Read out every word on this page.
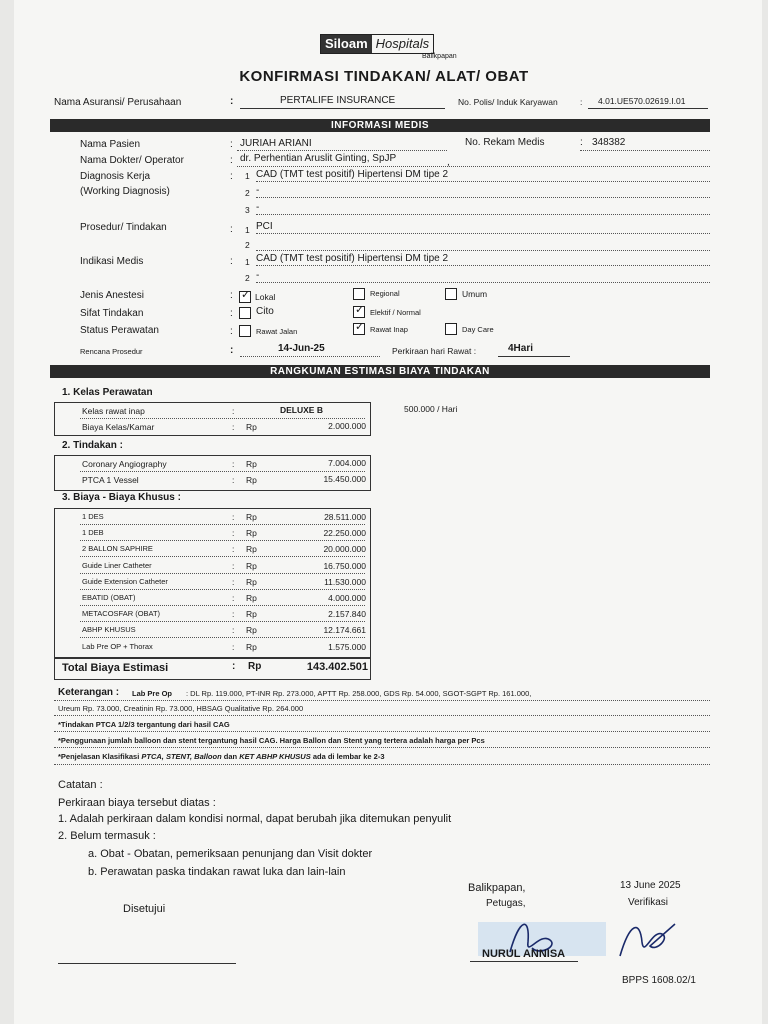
Siloam Hospitals
Balikpapan
KONFIRMASI TINDAKAN/ ALAT/ OBAT
Nama Asuransi/ Perusahaan	:	PERTALIFE INSURANCE	No. Polis/ Induk Karyawan	: 4.01.UE570.02619.I.01
INFORMASI MEDIS
Nama Pasien	: JURIAH ARIANI	No. Rekam Medis	: 348382
Nama Dokter/ Operator	: dr. Perhentian Aruslit Ginting, SpJP	,
Diagnosis Kerja
(Working Diagnosis)
: 1 CAD (TMT test positif) Hipertensi DM tipe 2
2 -
3 -
Prosedur/ Tindakan	: 1 PCI
2
Indikasi Medis	: 1 CAD (TMT test positif) Hipertensi DM tipe 2
2 -
Jenis Anestesi	: ✓ Lokal	Regional	Umum
Sifat Tindakan	: Cito	✓ Elektif / Normal
Status Perawatan	:	Rawat Jalan	✓ Rawat Inap	Day Care
Rencana Prosedur	:	14-Jun-25	Perkiraan hari Rawat :	4Hari
RANGKUMAN ESTIMASI BIAYA TINDAKAN
1. Kelas Perawatan
Kelas rawat inap	:	DELUXE B
Biaya Kelas/Kamar	: Rp	2.000.000
500.000 / Hari
2. Tindakan :
Coronary Angiography	: Rp	7.004.000
PTCA 1 Vessel	: Rp	15.450.000
3. Biaya - Biaya Khusus :
1 DES	: Rp	28.511.000
1 DEB	: Rp	22.250.000
2 BALLON SAPHIRE	: Rp	20.000.000
Guide Liner Catheter	: Rp	16.750.000
Guide Extension Catheter	: Rp	11.530.000
EBATID (OBAT)	: Rp	4.000.000
METACOSFAR (OBAT)	: Rp	2.157.840
ABHP KHUSUS	: Rp	12.174.661
Lab Pre OP + Thorax	: Rp	1.575.000
Total Biaya Estimasi	: Rp	143.402.501
Keterangan : Lab Pre Op : DL Rp. 119.000, PT-INR Rp. 273.000, APTT Rp. 258.000, GDS Rp. 54.000, SGOT-SGPT Rp. 161.000,
Ureum Rp. 73.000, Creatinin Rp. 73.000, HBSAG Qualitative Rp. 264.000
*Tindakan PTCA 1/2/3 tergantung dari hasil CAG
*Penggunaan jumlah balloon dan stent tergantung hasil CAG. Harga Ballon dan Stent yang tertera adalah harga per Pcs
*Penjelasan Klasifikasi PTCA, STENT, Balloon dan KET ABHP KHUSUS ada di lembar ke 2-3
Catatan :
Perkiraan biaya tersebut diatas :
1. Adalah perkiraan dalam kondisi normal, dapat berubah jika ditemukan penyulit
2. Belum termasuk :
a. Obat - Obatan, pemeriksaan penunjang dan Visit dokter
b. Perawatan paska tindakan rawat luka dan lain-lain
Disetujui
Balikpapan,	13 June 2025
Petugas,	Verifikasi
NURUL ANNISA
BPPS 1608.02/1
